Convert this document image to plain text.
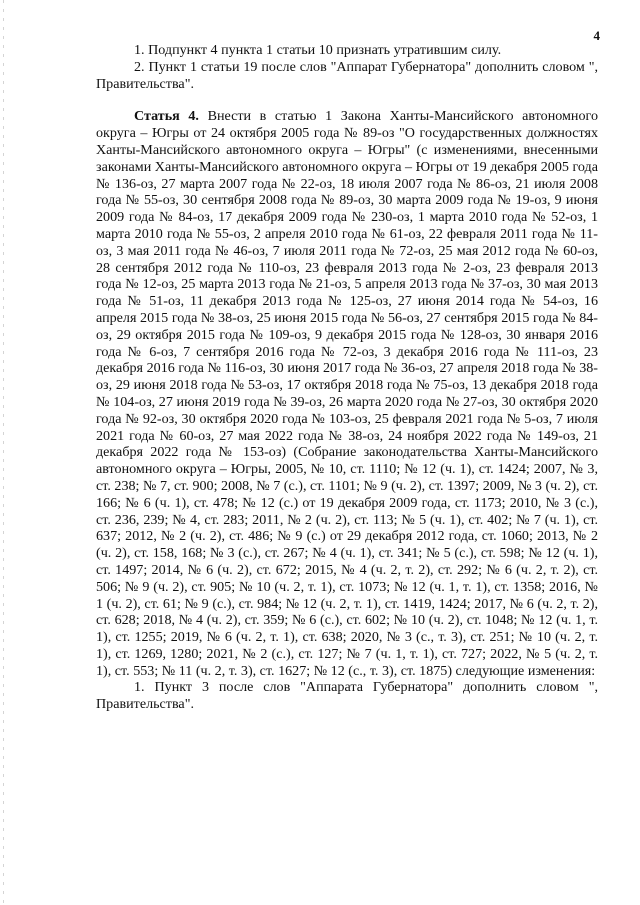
4

1. Подпункт 4 пункта 1 статьи 10 признать утратившим силу.

2. Пункт 1 статьи 19 после слов "Аппарат Губернатора" дополнить словом ", Правительства".

Статья 4. Внести в статью 1 Закона Ханты-Мансийского автономного округа – Югры от 24 октября 2005 года № 89-оз "О государственных должностях Ханты-Мансийского автономного округа – Югры" (с изменениями, внесенными законами Ханты-Мансийского автономного округа – Югры от 19 декабря 2005 года № 136-оз, 27 марта 2007 года № 22-оз, 18 июля 2007 года № 86-оз, 21 июля 2008 года № 55-оз, 30 сентября 2008 года № 89-оз, 30 марта 2009 года № 19-оз, 9 июня 2009 года № 84-оз, 17 декабря 2009 года № 230-оз, 1 марта 2010 года № 52-оз, 1 марта 2010 года № 55-оз, 2 апреля 2010 года № 61-оз, 22 февраля 2011 года № 11-оз, 3 мая 2011 года № 46-оз, 7 июля 2011 года № 72-оз, 25 мая 2012 года № 60-оз, 28 сентября 2012 года № 110-оз, 23 февраля 2013 года № 2-оз, 23 февраля 2013 года № 12-оз, 25 марта 2013 года № 21-оз, 5 апреля 2013 года № 37-оз, 30 мая 2013 года № 51-оз, 11 декабря 2013 года № 125-оз, 27 июня 2014 года № 54-оз, 16 апреля 2015 года № 38-оз, 25 июня 2015 года № 56-оз, 27 сентября 2015 года № 84-оз, 29 октября 2015 года № 109-оз, 9 декабря 2015 года № 128-оз, 30 января 2016 года № 6-оз, 7 сентября 2016 года № 72-оз, 3 декабря 2016 года № 111-оз, 23 декабря 2016 года № 116-оз, 30 июня 2017 года № 36-оз, 27 апреля 2018 года № 38-оз, 29 июня 2018 года № 53-оз, 17 октября 2018 года № 75-оз, 13 декабря 2018 года № 104-оз, 27 июня 2019 года № 39-оз, 26 марта 2020 года № 27-оз, 30 октября 2020 года № 92-оз, 30 октября 2020 года № 103-оз, 25 февраля 2021 года № 5-оз, 7 июля 2021 года № 60-оз, 27 мая 2022 года № 38-оз, 24 ноября 2022 года № 149-оз, 21 декабря 2022 года № 153-оз) (Собрание законодательства Ханты-Мансийского автономного округа – Югры, 2005, № 10, ст. 1110; № 12 (ч. 1), ст. 1424; 2007, № 3, ст. 238; № 7, ст. 900; 2008, № 7 (с.), ст. 1101; № 9 (ч. 2), ст. 1397; 2009, № 3 (ч. 2), ст. 166; № 6 (ч. 1), ст. 478; № 12 (с.) от 19 декабря 2009 года, ст. 1173; 2010, № 3 (с.), ст. 236, 239; № 4, ст. 283; 2011, № 2 (ч. 2), ст. 113; № 5 (ч. 1), ст. 402; № 7 (ч. 1), ст. 637; 2012, № 2 (ч. 2), ст. 486; № 9 (с.) от 29 декабря 2012 года, ст. 1060; 2013, № 2 (ч. 2), ст. 158, 168; № 3 (с.), ст. 267; № 4 (ч. 1), ст. 341; № 5 (с.), ст. 598; № 12 (ч. 1), ст. 1497; 2014, № 6 (ч. 2), ст. 672; 2015, № 4 (ч. 2, т. 2), ст. 292; № 6 (ч. 2, т. 2), ст. 506; № 9 (ч. 2), ст. 905; № 10 (ч. 2, т. 1), ст. 1073; № 12 (ч. 1, т. 1), ст. 1358; 2016, № 1 (ч. 2), ст. 61; № 9 (с.), ст. 984; № 12 (ч. 2, т. 1), ст. 1419, 1424; 2017, № 6 (ч. 2, т. 2), ст. 628; 2018, № 4 (ч. 2), ст. 359; № 6 (с.), ст. 602; № 10 (ч. 2), ст. 1048; № 12 (ч. 1, т. 1), ст. 1255; 2019, № 6 (ч. 2, т. 1), ст. 638; 2020, № 3 (с., т. 3), ст. 251; № 10 (ч. 2, т. 1), ст. 1269, 1280; 2021, № 2 (с.), ст. 127; № 7 (ч. 1, т. 1), ст. 727; 2022, № 5 (ч. 2, т. 1), ст. 553; № 11 (ч. 2, т. 3), ст. 1627; № 12 (с., т. 3), ст. 1875) следующие изменения:

1. Пункт 3 после слов "Аппарата Губернатора" дополнить словом ", Правительства".
